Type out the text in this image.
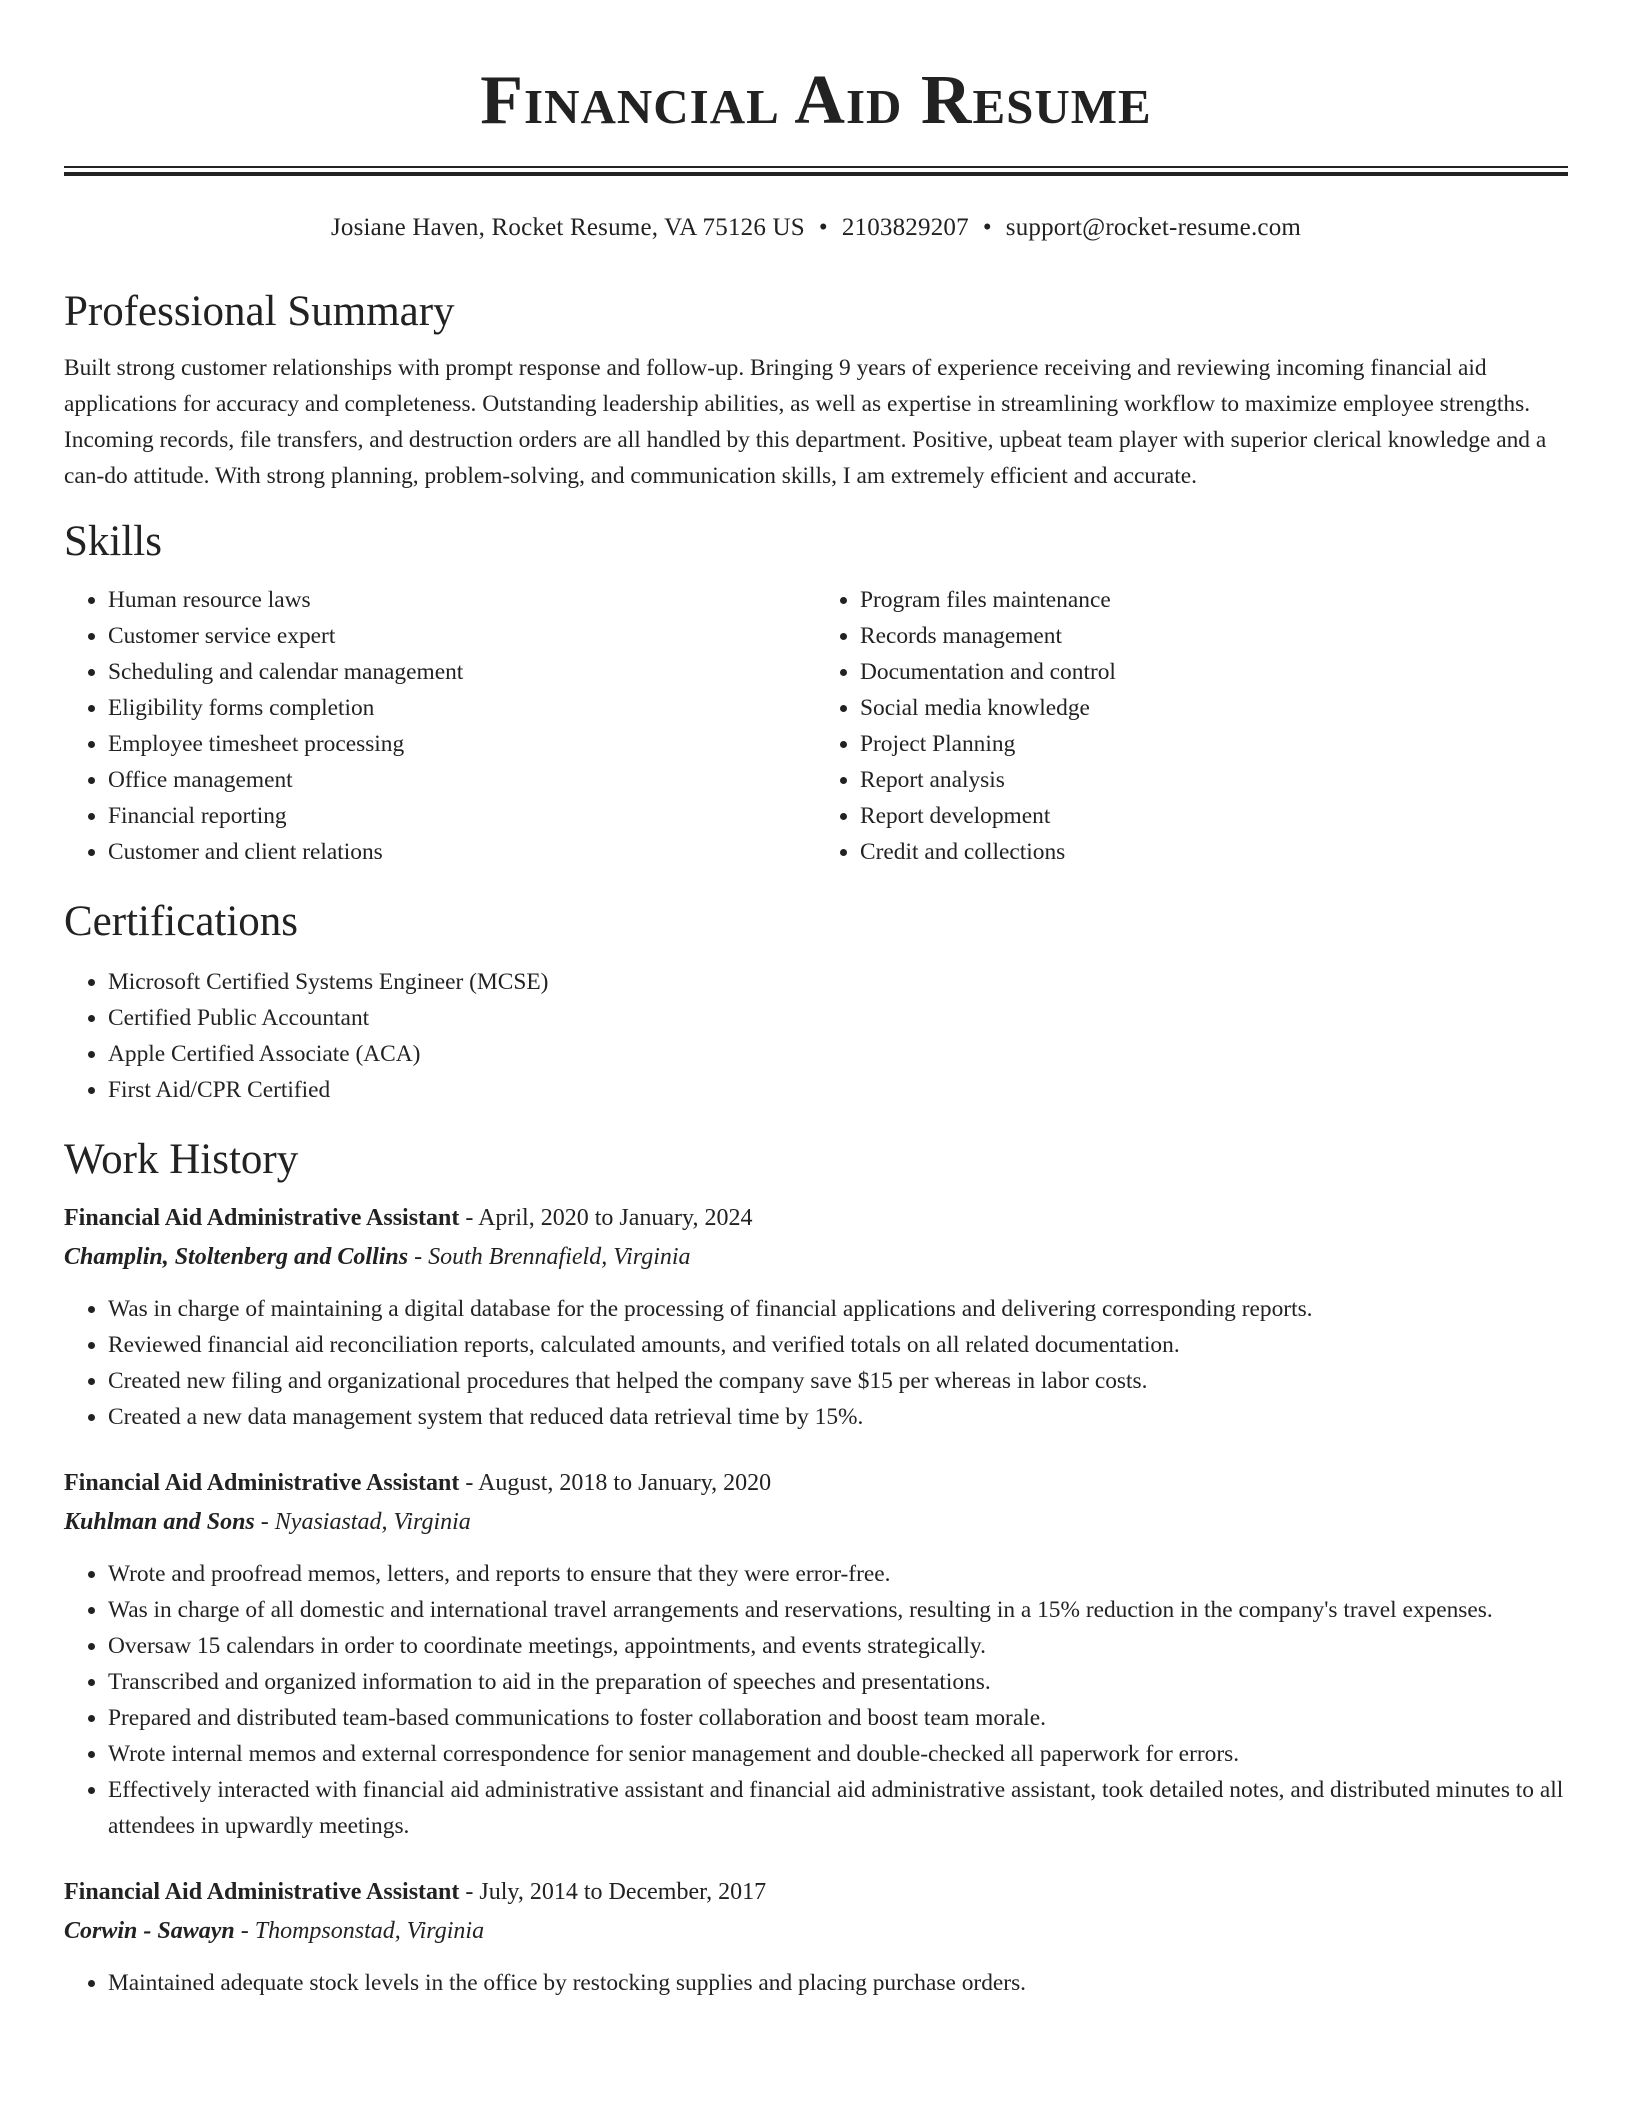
Financial Aid Resume
Josiane Haven, Rocket Resume, VA 75126 US • 2103829207 • support@rocket-resume.com
Professional Summary

Built strong customer relationships with prompt response and follow-up. Bringing 9 years of experience receiving and reviewing incoming financial aid applications for accuracy and completeness. Outstanding leadership abilities, as well as expertise in streamlining workflow to maximize employee strengths. Incoming records, file transfers, and destruction orders are all handled by this department. Positive, upbeat team player with superior clerical knowledge and a can-do attitude. With strong planning, problem-solving, and communication skills, I am extremely efficient and accurate.

Skills
• Human resource laws
• Customer service expert
• Scheduling and calendar management
• Eligibility forms completion
• Employee timesheet processing
• Office management
• Financial reporting
• Customer and client relations
• Program files maintenance
• Records management
• Documentation and control
• Social media knowledge
• Project Planning
• Report analysis
• Report development
• Credit and collections
Certifications
• Microsoft Certified Systems Engineer (MCSE)
• Certified Public Accountant
• Apple Certified Associate (ACA)
• First Aid/CPR Certified
Work History
Financial Aid Administrative Assistant - April, 2020 to January, 2024
Champlin, Stoltenberg and Collins - South Brennafield, Virginia
• Was in charge of maintaining a digital database for the processing of financial applications and delivering corresponding reports.
• Reviewed financial aid reconciliation reports, calculated amounts, and verified totals on all related documentation.
• Created new filing and organizational procedures that helped the company save $15 per whereas in labor costs.
• Created a new data management system that reduced data retrieval time by 15%.
Financial Aid Administrative Assistant - August, 2018 to January, 2020
Kuhlman and Sons - Nyasiastad, Virginia
• Wrote and proofread memos, letters, and reports to ensure that they were error-free.
• Was in charge of all domestic and international travel arrangements and reservations, resulting in a 15% reduction in the company's travel expenses.
• Oversaw 15 calendars in order to coordinate meetings, appointments, and events strategically.
• Transcribed and organized information to aid in the preparation of speeches and presentations.
• Prepared and distributed team-based communications to foster collaboration and boost team morale.
• Wrote internal memos and external correspondence for senior management and double-checked all paperwork for errors.
• Effectively interacted with financial aid administrative assistant and financial aid administrative assistant, took detailed notes, and distributed minutes to all attendees in upwardly meetings.
Financial Aid Administrative Assistant - July, 2014 to December, 2017
Corwin - Sawayn - Thompsonstad, Virginia
• Maintained adequate stock levels in the office by restocking supplies and placing purchase orders.
